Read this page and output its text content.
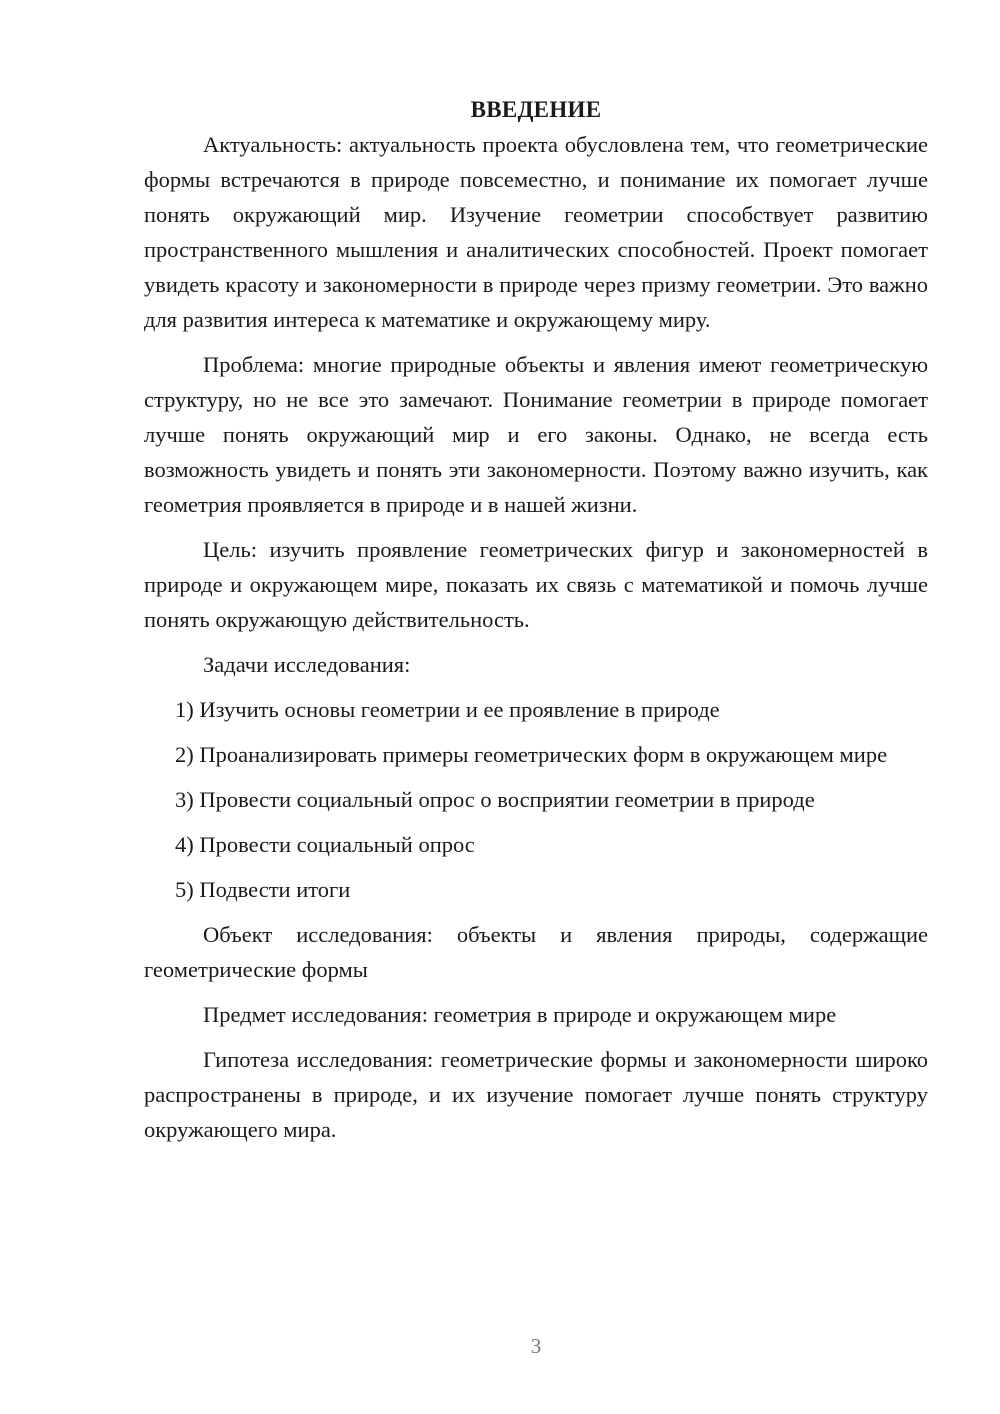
ВВЕДЕНИЕ

Актуальность: актуальность проекта обусловлена тем, что геометрические формы встречаются в природе повсеместно, и понимание их помогает лучше понять окружающий мир. Изучение геометрии способствует развитию пространственного мышления и аналитических способностей. Проект помогает увидеть красоту и закономерности в природе через призму геометрии. Это важно для развития интереса к математике и окружающему миру.

Проблема: многие природные объекты и явления имеют геометрическую структуру, но не все это замечают. Понимание геометрии в природе помогает лучше понять окружающий мир и его законы. Однако, не всегда есть возможность увидеть и понять эти закономерности. Поэтому важно изучить, как геометрия проявляется в природе и в нашей жизни.

Цель: изучить проявление геометрических фигур и закономерностей в природе и окружающем мире, показать их связь с математикой и помочь лучше понять окружающую действительность.

Задачи исследования:

1) Изучить основы геометрии и ее проявление в природе

2) Проанализировать примеры геометрических форм в окружающем мире

3) Провести социальный опрос о восприятии геометрии в природе

4) Провести социальный опрос

5) Подвести итоги

Объект исследования: объекты и явления природы, содержащие геометрические формы

Предмет исследования: геометрия в природе и окружающем мире

Гипотеза исследования: геометрические формы и закономерности широко распространены в природе, и их изучение помогает лучше понять структуру окружающего мира.

3
